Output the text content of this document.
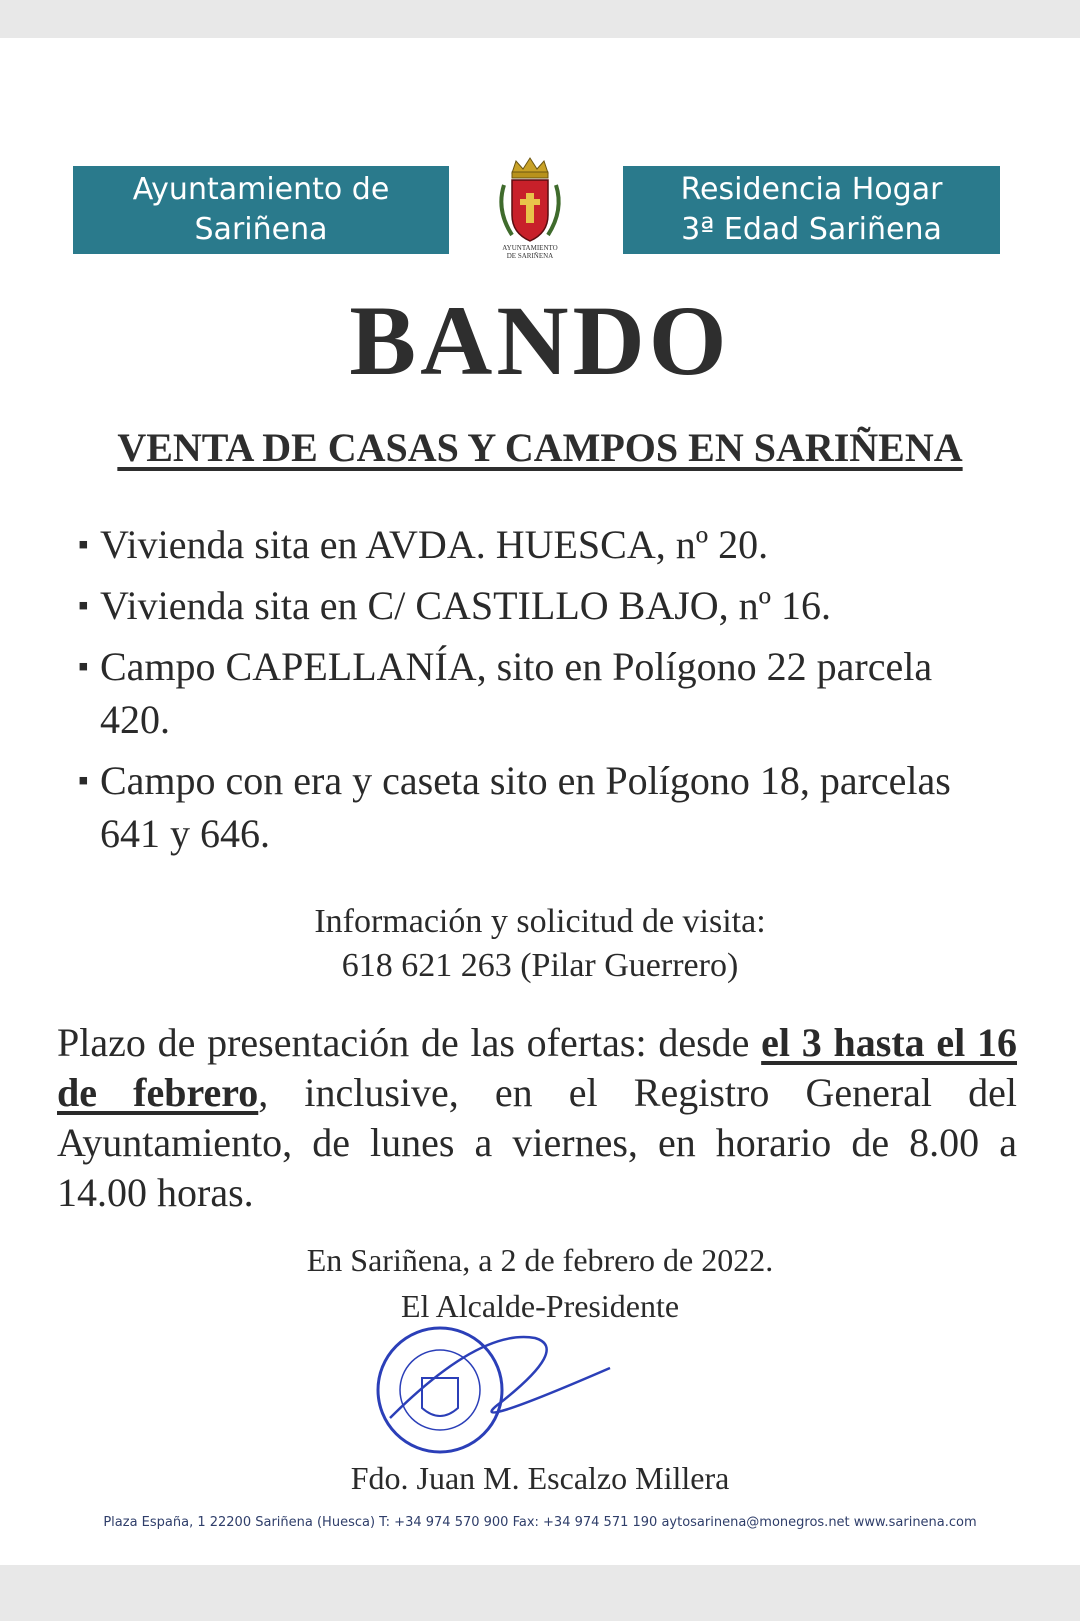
Ayuntamiento de
Sariñena
AYUNTAMIENTO
DE SARIÑENA
Residencia Hogar
3ª Edad Sariñena
BANDO
VENTA DE CASAS Y CAMPOS EN SARIÑENA
▪ Vivienda sita en AVDA. HUESCA, nº 20.
▪ Vivienda sita en C/ CASTILLO BAJO, nº 16.
▪ Campo CAPELLANÍA, sito en Polígono 22 parcela 420.
▪ Campo con era y caseta sito en Polígono 18, parcelas 641 y 646.
Información y solicitud de visita:
618 621 263 (Pilar Guerrero)
Plazo de presentación de las ofertas: desde el 3 hasta el 16 de febrero, inclusive, en el Registro General del Ayuntamiento, de lunes a viernes, en horario de 8.00 a 14.00 horas.
En Sariñena, a 2 de febrero de 2022.
El Alcalde-Presidente
Fdo. Juan M. Escalzo Millera
Plaza España, 1 22200 Sariñena (Huesca) T: +34 974 570 900 Fax: +34 974 571 190 aytosarinena@monegros.net www.sarinena.com
